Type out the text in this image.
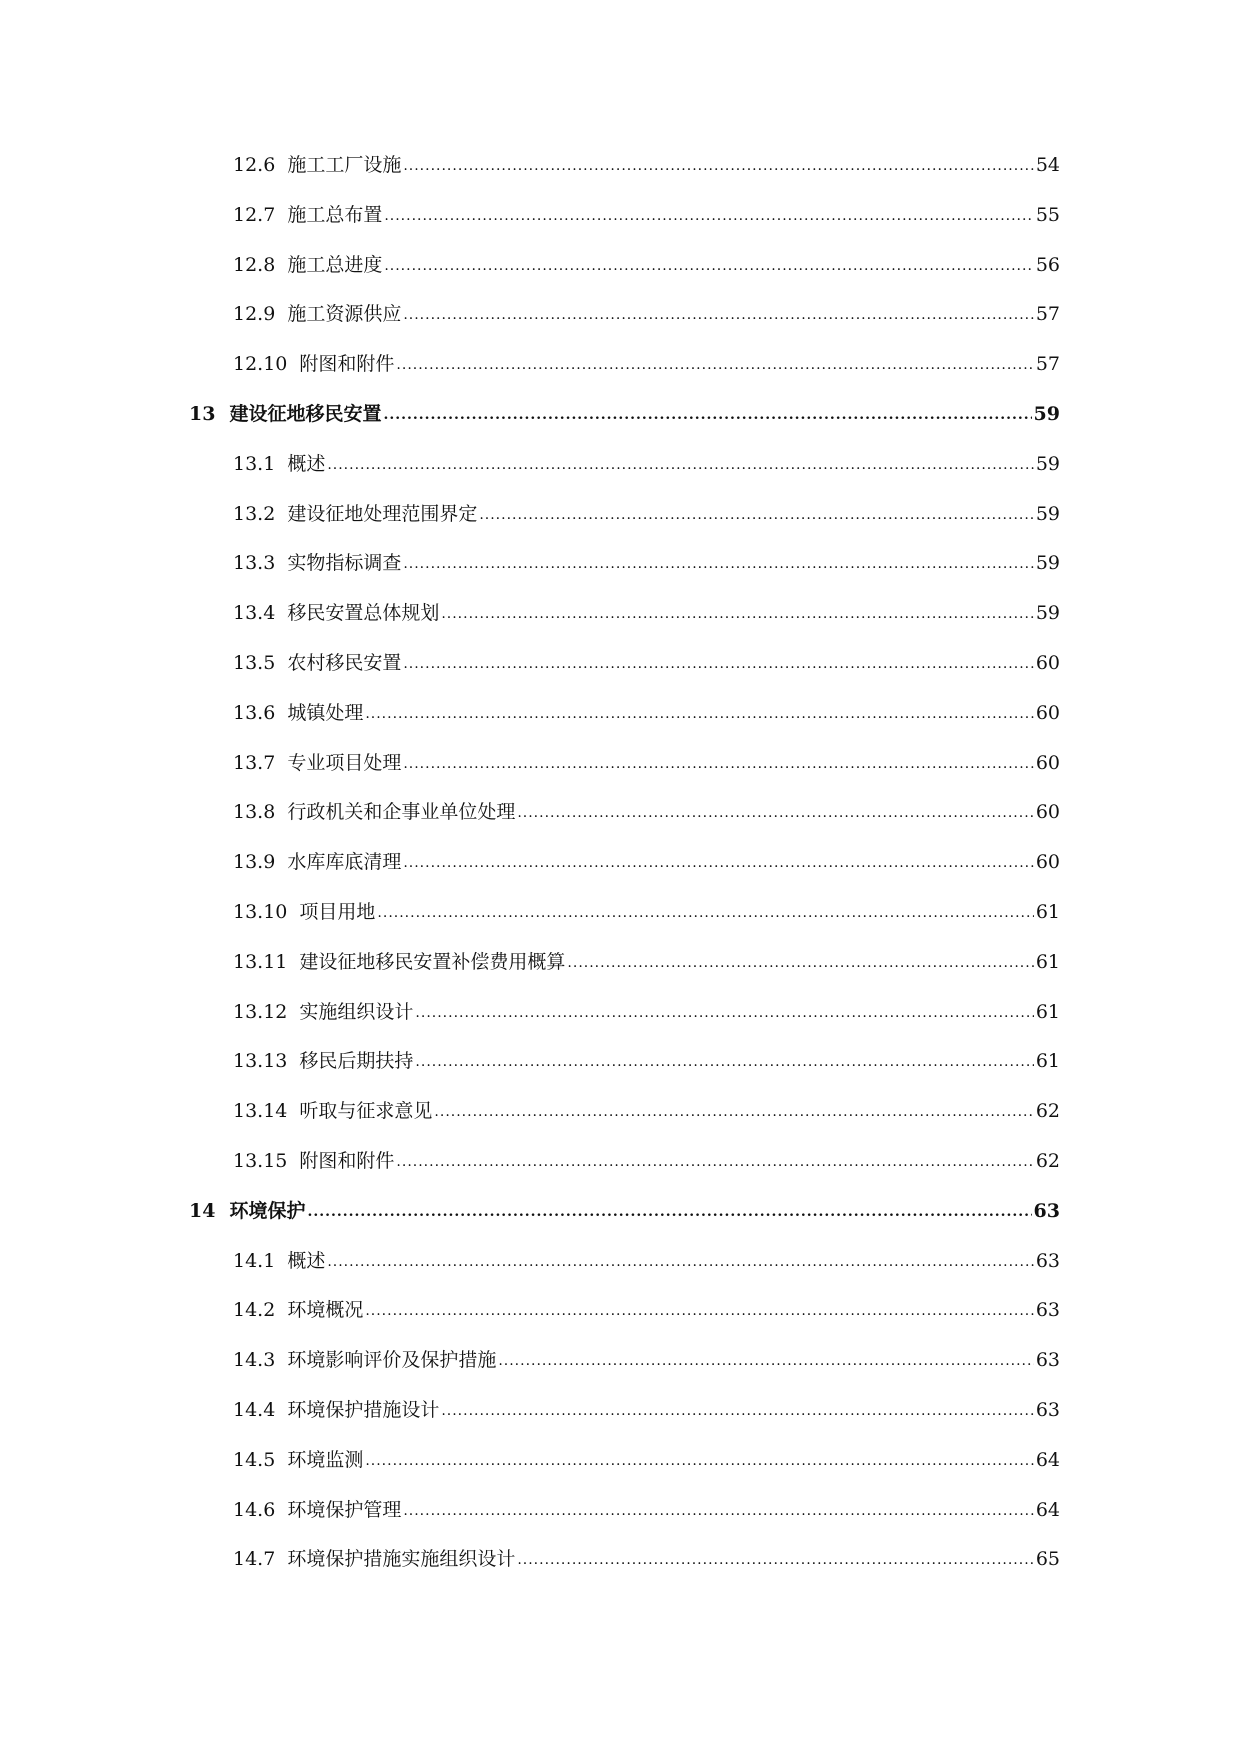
12.6 施工工厂设施 .....	54
12.7 施工总布置 .....	55
12.8 施工总进度 .....	56
12.9 施工资源供应 .....	57
12.10 附图和附件 .....	57
13 建设征地移民安置 .....	59
13.1 概述 .....	59
13.2 建设征地处理范围界定 .....	59
13.3 实物指标调查 .....	59
13.4 移民安置总体规划 .....	59
13.5 农村移民安置 .....	60
13.6 城镇处理 .....	60
13.7 专业项目处理 .....	60
13.8 行政机关和企事业单位处理 .....	60
13.9 水库库底清理 .....	60
13.10 项目用地 .....	61
13.11 建设征地移民安置补偿费用概算 .....	61
13.12 实施组织设计 .....	61
13.13 移民后期扶持 .....	61
13.14 听取与征求意见 .....	62
13.15 附图和附件 .....	62
14 环境保护 .....	63
14.1 概述 .....	63
14.2 环境概况 .....	63
14.3 环境影响评价及保护措施 .....	63
14.4 环境保护措施设计 .....	63
14.5 环境监测 .....	64
14.6 环境保护管理 .....	64
14.7 环境保护措施实施组织设计 .....	65
